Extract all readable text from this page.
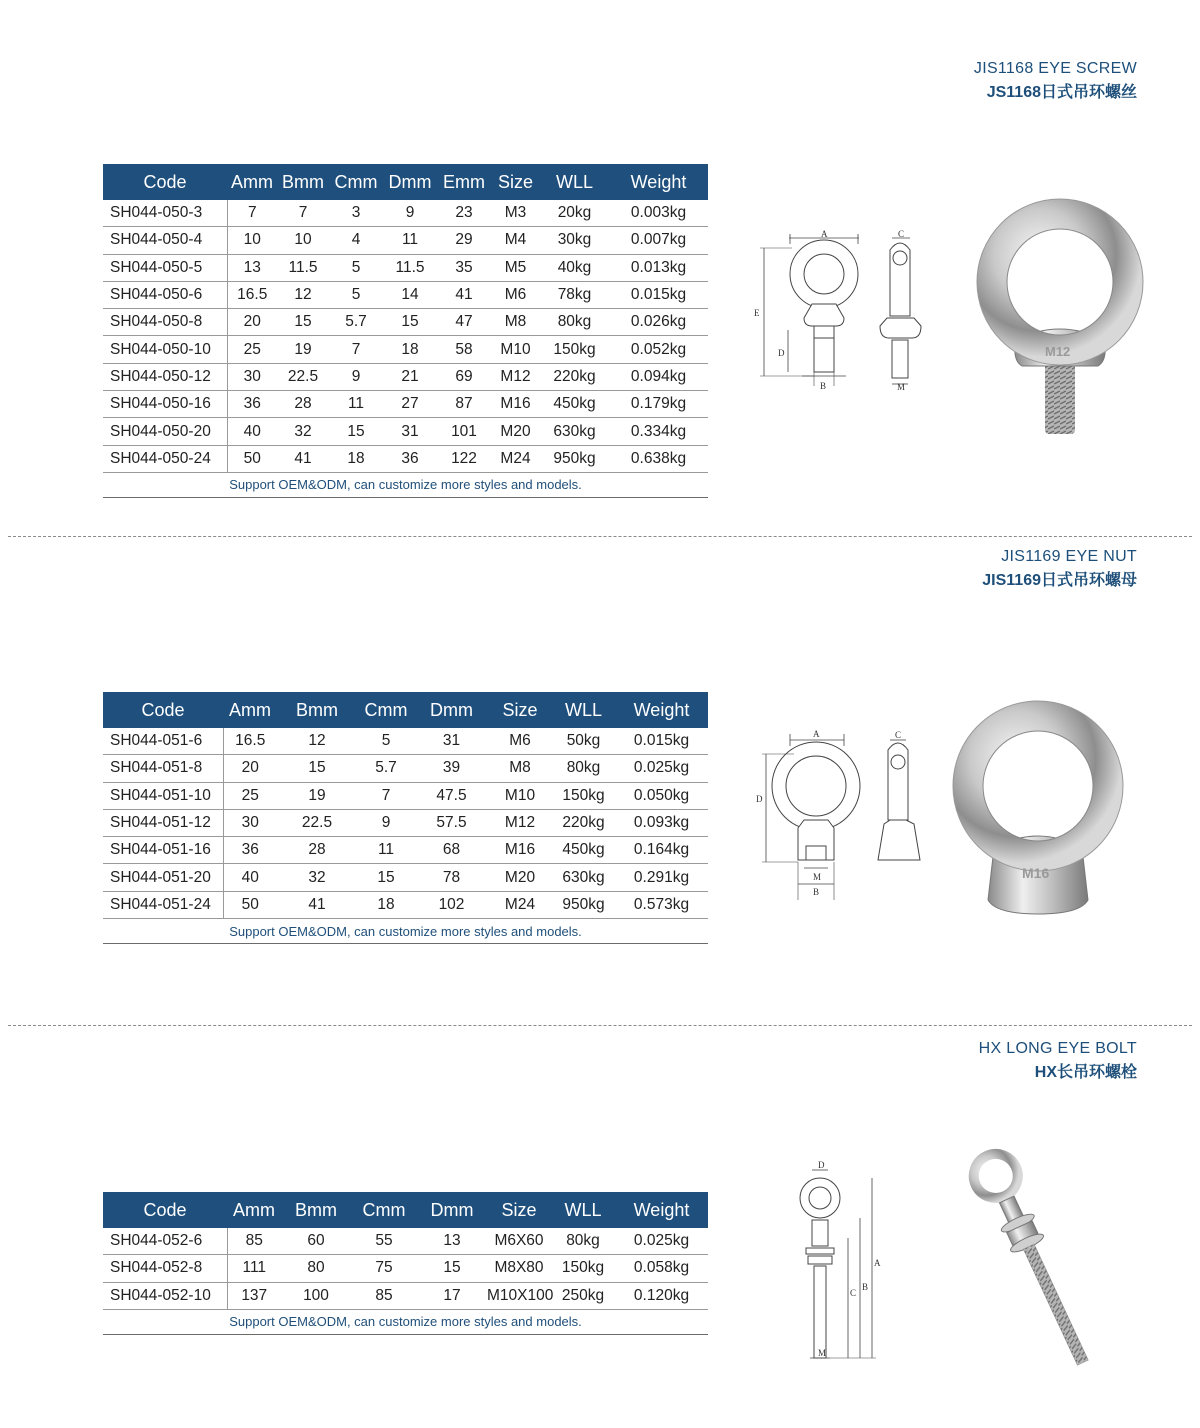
JIS1168 EYE SCREW
JS1168日式吊环螺丝
Code	Amm	Bmm	Cmm	Dmm	Emm	Size	WLL	Weight
SH044-050-3	7	7	3	9	23	M3	20kg	0.003kg
SH044-050-4	10	10	4	11	29	M4	30kg	0.007kg
SH044-050-5	13	11.5	5	11.5	35	M5	40kg	0.013kg
SH044-050-6	16.5	12	5	14	41	M6	78kg	0.015kg
SH044-050-8	20	15	5.7	15	47	M8	80kg	0.026kg
SH044-050-10	25	19	7	18	58	M10	150kg	0.052kg
SH044-050-12	30	22.5	9	21	69	M12	220kg	0.094kg
SH044-050-16	36	28	11	27	87	M16	450kg	0.179kg
SH044-050-20	40	32	15	31	101	M20	630kg	0.334kg
SH044-050-24	50	41	18	36	122	M24	950kg	0.638kg
Support OEM&ODM, can customize more styles and models.								
A
B
C
D
E
M
M12
JIS1169 EYE NUT
JIS1169日式吊环螺母
Code	Amm	Bmm	Cmm	Dmm	Size	WLL	Weight
SH044-051-6	16.5	12	5	31	M6	50kg	0.015kg
SH044-051-8	20	15	5.7	39	M8	80kg	0.025kg
SH044-051-10	25	19	7	47.5	M10	150kg	0.050kg
SH044-051-12	30	22.5	9	57.5	M12	220kg	0.093kg
SH044-051-16	36	28	11	68	M16	450kg	0.164kg
SH044-051-20	40	32	15	78	M20	630kg	0.291kg
SH044-051-24	50	41	18	102	M24	950kg	0.573kg
Support OEM&ODM, can customize more styles and models.							
A
B
C
D
M	M16
HX LONG EYE BOLT
HX长吊环螺栓
Code	Amm	Bmm	Cmm	Dmm	Size	WLL	Weight
SH044-052-6	85	60	55	13	M6X60	80kg	0.025kg
SH044-052-8	111	80	75	15	M8X80	150kg	0.058kg
SH044-052-10	137	100	85	17	M10X100	250kg	0.120kg
Support OEM&ODM, can customize more styles and models.							
D
A
B
C
M
